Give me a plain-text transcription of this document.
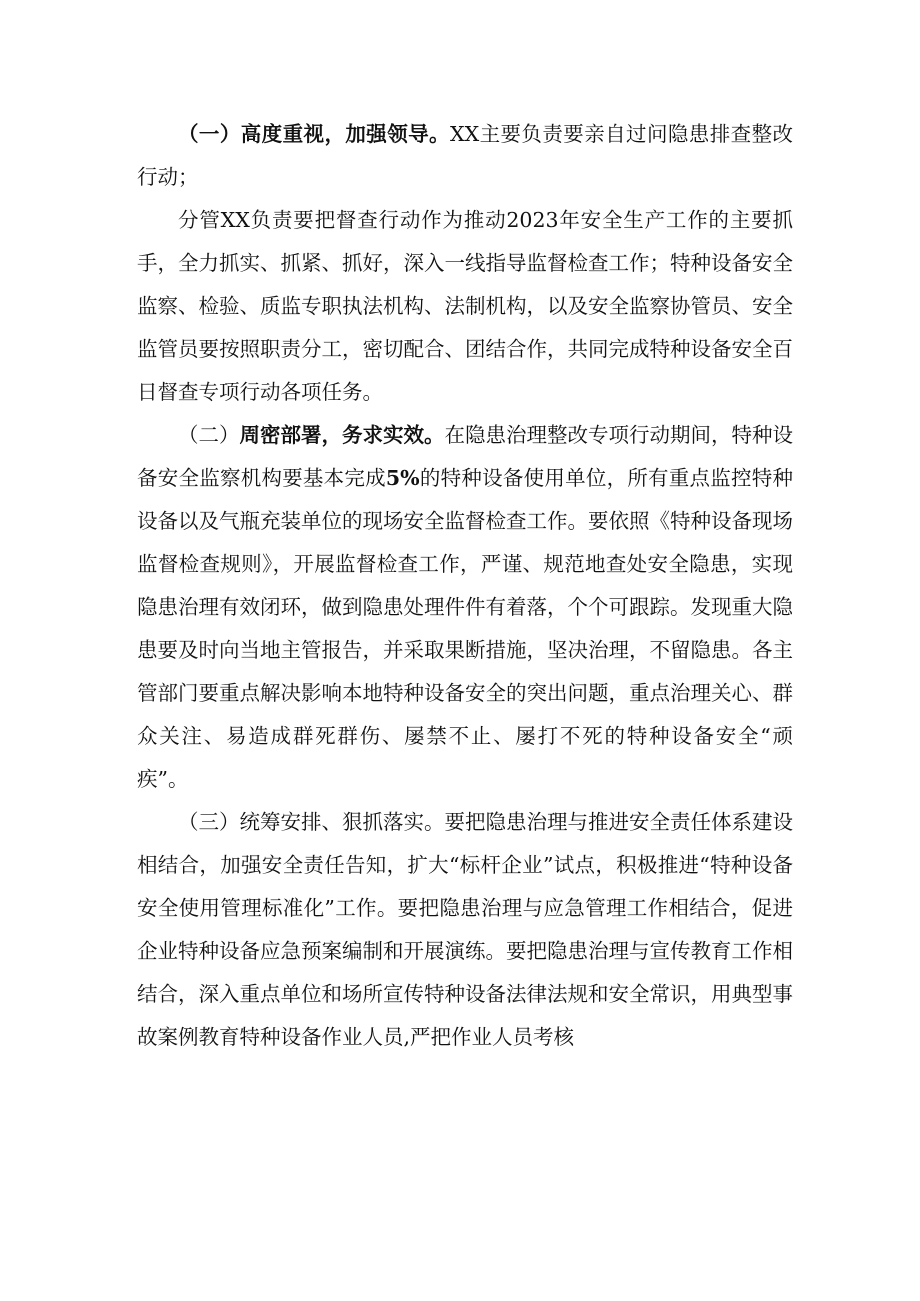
（一）高度重视，加强领导。XX主要负责要亲自过问隐患排查整改行动；

分管XX负责要把督查行动作为推动2023年安全生产工作的主要抓手，全力抓实、抓紧、抓好，深入一线指导监督检查工作；特种设备安全监察、检验、质监专职执法机构、法制机构，以及安全监察协管员、安全监管员要按照职责分工，密切配合、团结合作，共同完成特种设备安全百日督查专项行动各项任务。

（二）周密部署，务求实效。在隐患治理整改专项行动期间，特种设备安全监察机构要基本完成5%的特种设备使用单位，所有重点监控特种设备以及气瓶充装单位的现场安全监督检查工作。要依照《特种设备现场监督检查规则》，开展监督检查工作，严谨、规范地查处安全隐患，实现隐患治理有效闭环，做到隐患处理件件有着落，个个可跟踪。发现重大隐患要及时向当地主管报告，并采取果断措施，坚决治理，不留隐患。各主管部门要重点解决影响本地特种设备安全的突出问题，重点治理关心、群众关注、易造成群死群伤、屡禁不止、屡打不死的特种设备安全“顽疾”。

（三）统筹安排、狠抓落实。要把隐患治理与推进安全责任体系建设相结合，加强安全责任告知，扩大“标杆企业”试点，积极推进“特种设备安全使用管理标准化”工作。要把隐患治理与应急管理工作相结合，促进企业特种设备应急预案编制和开展演练。要把隐患治理与宣传教育工作相结合，深入重点单位和场所宣传特种设备法律法规和安全常识，用典型事故案例教育特种设备作业人员,严把作业人员考核
